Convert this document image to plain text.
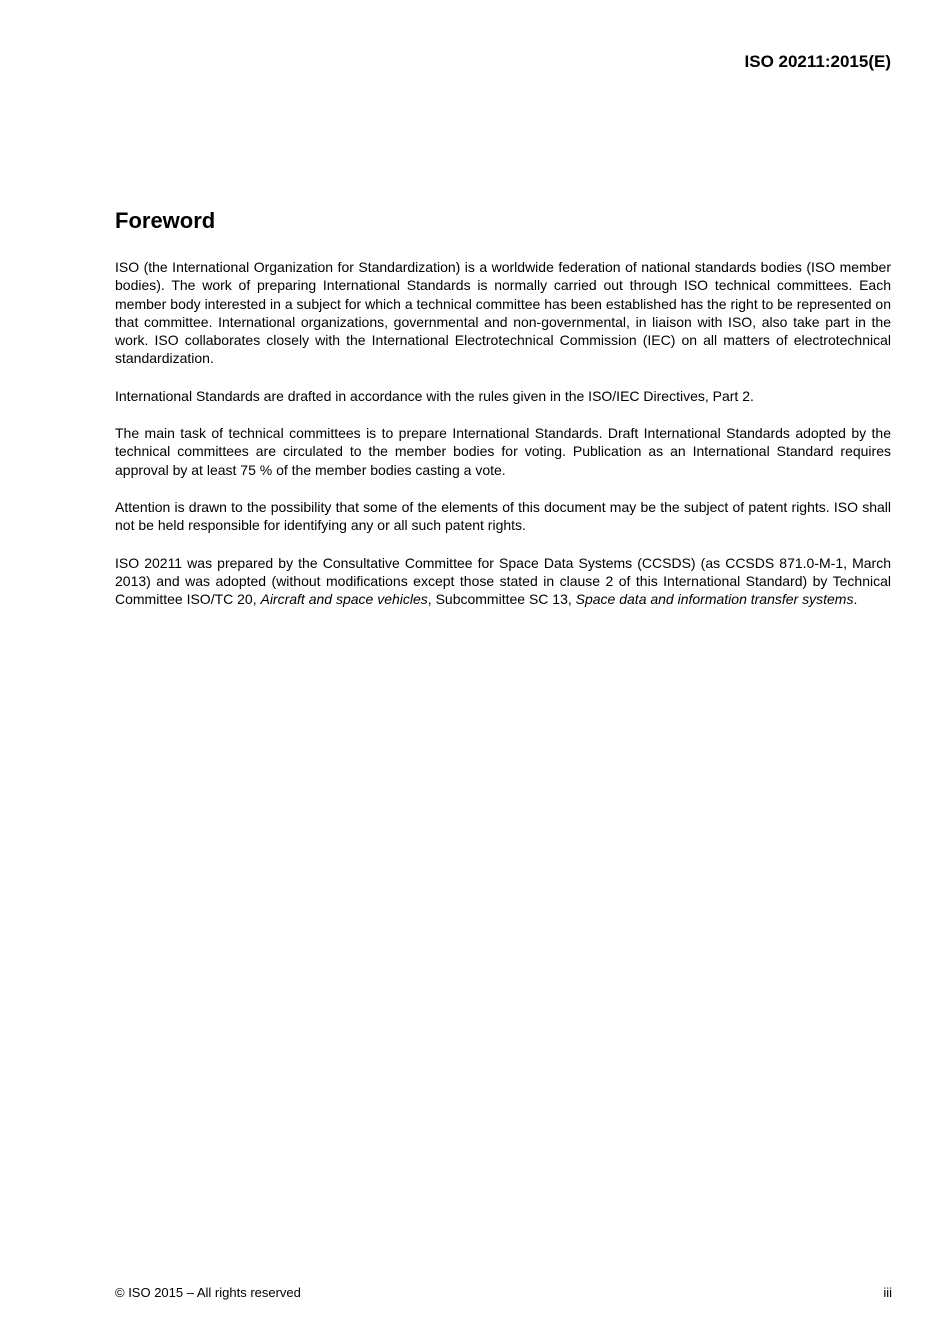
ISO 20211:2015(E)
Foreword

ISO (the International Organization for Standardization) is a worldwide federation of national standards bodies (ISO member bodies). The work of preparing International Standards is normally carried out through ISO technical committees. Each member body interested in a subject for which a technical committee has been established has the right to be represented on that committee. International organizations, governmental and non-governmental, in liaison with ISO, also take part in the work. ISO collaborates closely with the International Electrotechnical Commission (IEC) on all matters of electrotechnical standardization.

International Standards are drafted in accordance with the rules given in the ISO/IEC Directives, Part 2.

The main task of technical committees is to prepare International Standards. Draft International Standards adopted by the technical committees are circulated to the member bodies for voting. Publication as an International Standard requires approval by at least 75 % of the member bodies casting a vote.

Attention is drawn to the possibility that some of the elements of this document may be the subject of patent rights. ISO shall not be held responsible for identifying any or all such patent rights.

ISO 20211 was prepared by the Consultative Committee for Space Data Systems (CCSDS) (as CCSDS 871.0-M-1, March 2013) and was adopted (without modifications except those stated in clause 2 of this International Standard) by Technical Committee ISO/TC 20, Aircraft and space vehicles, Subcommittee SC 13, Space data and information transfer systems.

© ISO 2015 – All rights reserved	iii
